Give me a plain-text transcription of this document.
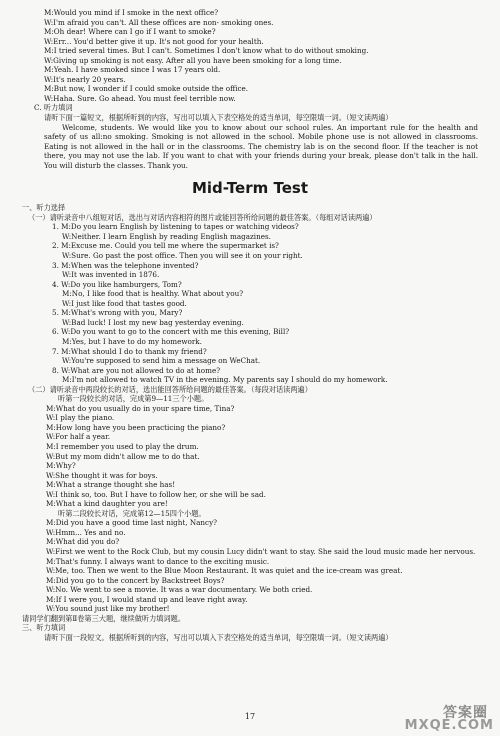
M:Would you mind if I smoke in the next office?
W:I'm afraid you can't. All these offices are non- smoking ones.
M:Oh dear! Where can I go if I want to smoke?
W:Err... You'd better give it up. It's not good for your health.
M:I tried several times. But I can't. Sometimes I don't know what to do without smoking.
W:Giving up smoking is not easy. After all you have been smoking for a long time.
M:Yeah. I have smoked since I was 17 years old.
W:It's nearly 20 years.
M:But now, I wonder if I could smoke outside the office.
W:Haha. Sure. Go ahead. You must feel terrible now.
C. 听力填词
请听下面一篇短文，根据所听到的内容，写出可以填入下表空格处的适当单词，每空限填一词。（短文读两遍）
Welcome, students. We would like you to know about our school rules. An important rule for the health and safety of us all:no smoking. Smoking is not allowed in the school. Mobile phone use is not allowed in classrooms. Eating is not allowed in the hall or in the classrooms. The chemistry lab is on the second floor. If the teacher is not there, you may not use the lab. If you want to chat with your friends during your break, please don't talk in the hall. You will disturb the classes. Thank you.
Mid-Term Test
一、听力选择
（一）请听录音中八组短对话，选出与对话内容相符的图片或能回答所给问题的最佳答案。（每组对话读两遍）
1. M:Do you learn English by listening to tapes or watching videos?
W:Neither. I learn English by reading English magazines.
2. M:Excuse me. Could you tell me where the supermarket is?
W:Sure. Go past the post office. Then you will see it on your right.
3. M:When was the telephone invented?
W:It was invented in 1876.
4. W:Do you like hamburgers, Tom?
M:No, I like food that is healthy. What about you?
W:I just like food that tastes good.
5. M:What's wrong with you, Mary?
W:Bad luck! I lost my new bag yesterday evening.
6. W:Do you want to go to the concert with me this evening, Bill?
M:Yes, but I have to do my homework.
7. M:What should I do to thank my friend?
W:You're supposed to send him a message on WeChat.
8. W:What are you not allowed to do at home?
M:I'm not allowed to watch TV in the evening. My parents say I should do my homework.
（二）请听录音中两段较长的对话，选出能回答所给问题的最佳答案。（每段对话读两遍）
听第一段较长的对话，完成第9—11三个小题。
M:What do you usually do in your spare time, Tina?
W:I play the piano.
M:How long have you been practicing the piano?
W:For half a year.
M:I remember you used to play the drum.
W:But my mom didn't allow me to do that.
M:Why?
W:She thought it was for boys.
M:What a strange thought she has!
W:I think so, too. But I have to follow her, or she will be sad.
M:What a kind daughter you are!
听第二段较长对话，完成第12—15四个小题。
M:Did you have a good time last night, Nancy?
W:Hmm... Yes and no.
M:What did you do?
W:First we went to the Rock Club, but my cousin Lucy didn't want to stay. She said the loud music made her nervous.
M:That's funny. I always want to dance to the exciting music.
W:Me, too. Then we went to the Blue Moon Restaurant. It was quiet and the ice-cream was great.
M:Did you go to the concert by Backstreet Boys?
W:No. We went to see a movie. It was a war documentary. We both cried.
M:If I were you, I would stand up and leave right away.
W:You sound just like my brother!
请同学们翻到第Ⅱ卷第三大题，继续做听力填词题。
三、听力填词
请听下面一段短文。根据所听到的内容，写出可以填入下表空格处的适当单词，每空限填一词。（短文读两遍）
17	答案圈
MXQE.COM
